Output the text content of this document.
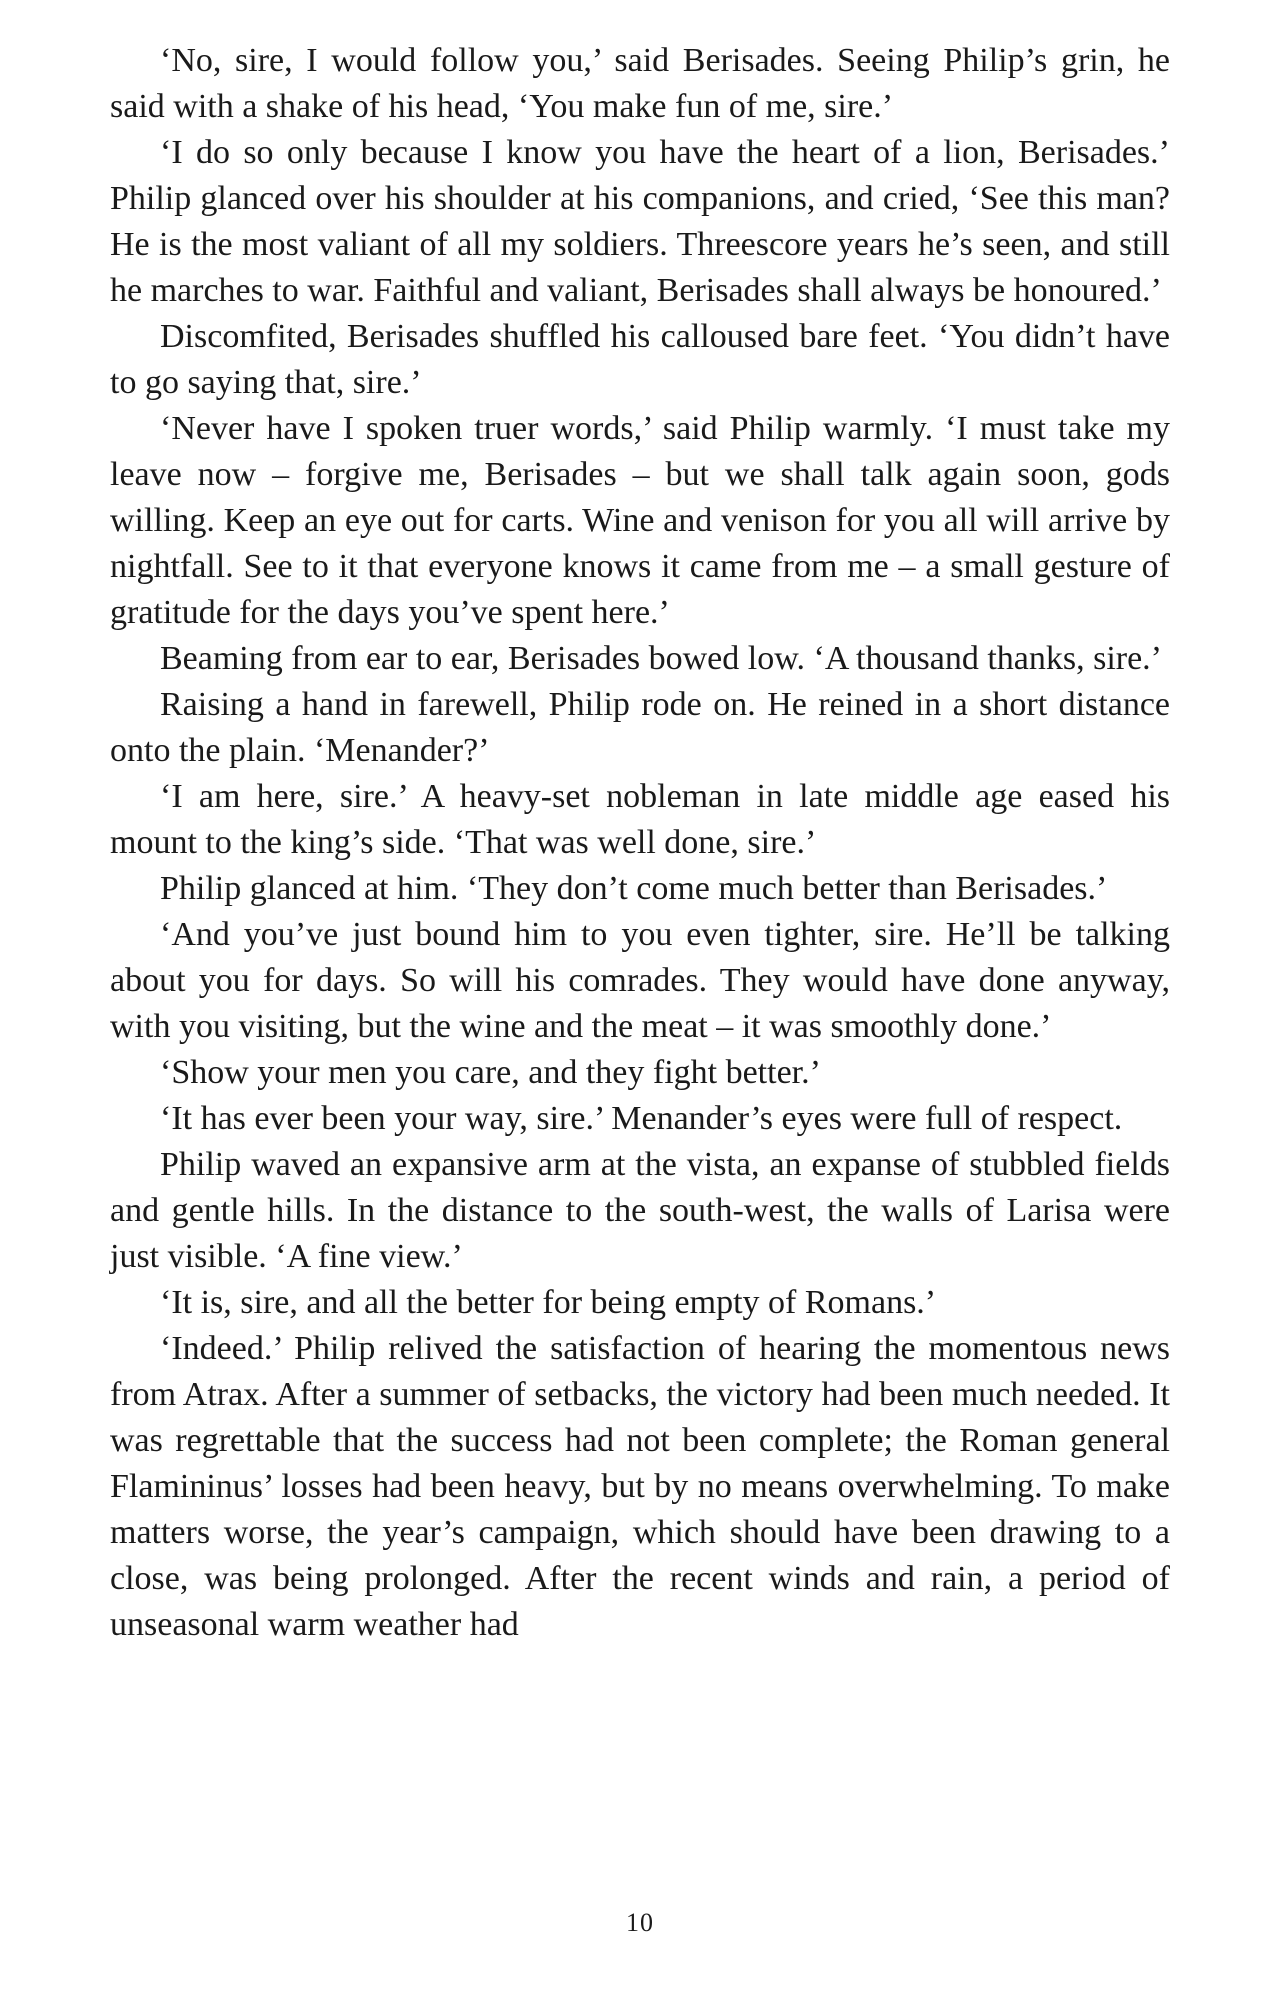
‘No, sire, I would follow you,’ said Berisades. Seeing Philip’s grin, he said with a shake of his head, ‘You make fun of me, sire.’

‘I do so only because I know you have the heart of a lion, Berisades.’ Philip glanced over his shoulder at his companions, and cried, ‘See this man? He is the most valiant of all my soldiers. Threescore years he’s seen, and still he marches to war. Faithful and valiant, Berisades shall always be honoured.’

Discomfited, Berisades shuffled his calloused bare feet. ‘You didn’t have to go saying that, sire.’

‘Never have I spoken truer words,’ said Philip warmly. ‘I must take my leave now – forgive me, Berisades – but we shall talk again soon, gods willing. Keep an eye out for carts. Wine and venison for you all will arrive by nightfall. See to it that everyone knows it came from me – a small gesture of gratitude for the days you’ve spent here.’

Beaming from ear to ear, Berisades bowed low. ‘A thousand thanks, sire.’

Raising a hand in farewell, Philip rode on. He reined in a short distance onto the plain. ‘Menander?’

‘I am here, sire.’ A heavy-set nobleman in late middle age eased his mount to the king’s side. ‘That was well done, sire.’

Philip glanced at him. ‘They don’t come much better than Berisades.’

‘And you’ve just bound him to you even tighter, sire. He’ll be talking about you for days. So will his comrades. They would have done anyway, with you visiting, but the wine and the meat – it was smoothly done.’

‘Show your men you care, and they fight better.’

‘It has ever been your way, sire.’ Menander’s eyes were full of respect.

Philip waved an expansive arm at the vista, an expanse of stubbled fields and gentle hills. In the distance to the south-west, the walls of Larisa were just visible. ‘A fine view.’

‘It is, sire, and all the better for being empty of Romans.’

‘Indeed.’ Philip relived the satisfaction of hearing the momentous news from Atrax. After a summer of setbacks, the victory had been much needed. It was regrettable that the success had not been complete; the Roman general Flamininus’ losses had been heavy, but by no means overwhelming. To make matters worse, the year’s campaign, which should have been drawing to a close, was being prolonged. After the recent winds and rain, a period of unseasonal warm weather had

10
